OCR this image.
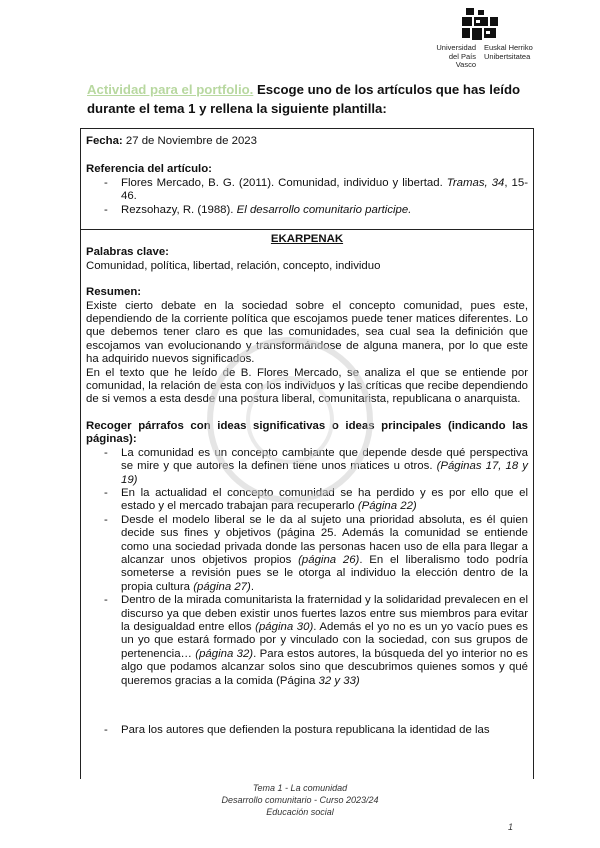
Universidad
del País Vasco
Euskal Herriko
Unibertsitatea
Actividad para el portfolio. Escoge uno de los artículos que has leído durante el tema 1 y rellena la siguiente plantilla:
Fecha: 27 de Noviembre de 2023
Referencia del artículo:
- Flores Mercado, B. G. (2011). Comunidad, individuo y libertad. Tramas, 34, 15-46.
- Rezsohazy, R. (1988). El desarrollo comunitario participe.
EKARPENAK
Palabras clave:
Comunidad, política, libertad, relación, concepto, individuo
Resumen:
Existe cierto debate en la sociedad sobre el concepto comunidad, pues este, dependiendo de la corriente política que escojamos puede tener matices diferentes. Lo que debemos tener claro es que las comunidades, sea cual sea la definición que escojamos van evolucionando y transformándose de alguna manera, por lo que este ha adquirido nuevos significados.
En el texto que he leído de B. Flores Mercado, se analiza el que se entiende por comunidad, la relación de esta con los individuos y las críticas que recibe dependiendo de si vemos a esta desde una postura liberal, comunitarista, republicana o anarquista.
Recoger párrafos con ideas significativas o ideas principales (indicando las páginas):
- La comunidad es un concepto cambiante que depende desde qué perspectiva se mire y que autores la definen tiene unos matices u otros. (Páginas 17, 18 y 19)
- En la actualidad el concepto comunidad se ha perdido y es por ello que el estado y el mercado trabajan para recuperarlo (Página 22)
- Desde el modelo liberal se le da al sujeto una prioridad absoluta, es él quien decide sus fines y objetivos (página 25. Además la comunidad se entiende como una sociedad privada donde las personas hacen uso de ella para llegar a alcanzar unos objetivos propios (página 26). En el liberalismo todo podría someterse a revisión pues se le otorga al individuo la elección dentro de la propia cultura (página 27).
- Dentro de la mirada comunitarista la fraternidad y la solidaridad prevalecen en el discurso ya que deben existir unos fuertes lazos entre sus miembros para evitar la desigualdad entre ellos (página 30). Además el yo no es un yo vacío pues es un yo que estará formado por y vinculado con la sociedad, con sus grupos de pertenencia… (página 32). Para estos autores, la búsqueda del yo interior no es algo que podamos alcanzar solos sino que descubrimos quienes somos y qué queremos gracias a la comida (Página 32 y 33)
- Para los autores que defienden la postura republicana la identidad de las
Tema 1 - La comunidad
Desarrollo comunitario - Curso 2023/24
Educación social
1
